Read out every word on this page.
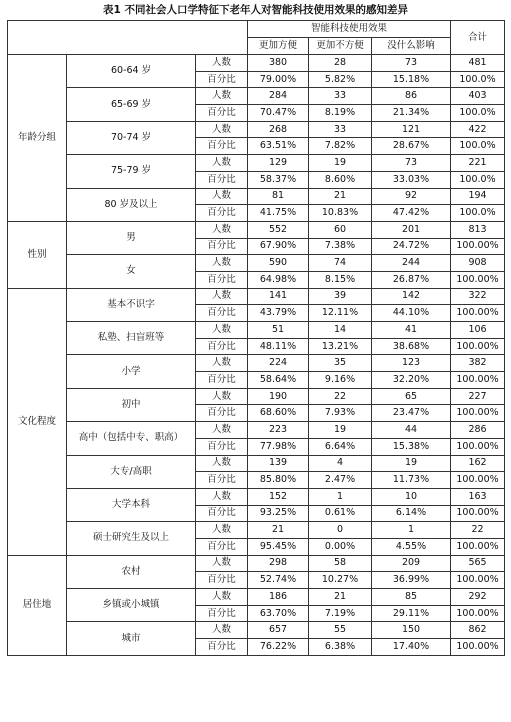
表1 不同社会人口学特征下老年人对智能科技使用效果的感知差异
			智能科技使用效果			合计
			更加方便	更加不方便	没什么影响	
年龄分组	60-64 岁	人数	380	28	73	481
		百分比	79.00%	5.82%	15.18%	100.0%
	65-69 岁	人数	284	33	86	403
		百分比	70.47%	8.19%	21.34%	100.0%
	70-74 岁	人数	268	33	121	422
		百分比	63.51%	7.82%	28.67%	100.0%
	75-79 岁	人数	129	19	73	221
		百分比	58.37%	8.60%	33.03%	100.0%
	80 岁及以上	人数	81	21	92	194
		百分比	41.75%	10.83%	47.42%	100.0%
性别	男	人数	552	60	201	813
		百分比	67.90%	7.38%	24.72%	100.00%
	女	人数	590	74	244	908
		百分比	64.98%	8.15%	26.87%	100.00%
文化程度	基本不识字	人数	141	39	142	322
		百分比	43.79%	12.11%	44.10%	100.00%
	私塾、扫盲班等	人数	51	14	41	106
		百分比	48.11%	13.21%	38.68%	100.00%
	小学	人数	224	35	123	382
		百分比	58.64%	9.16%	32.20%	100.00%
	初中	人数	190	22	65	227
		百分比	68.60%	7.93%	23.47%	100.00%
	高中（包括中专、职高）	人数	223	19	44	286
		百分比	77.98%	6.64%	15.38%	100.00%
	大专/高职	人数	139	4	19	162
		百分比	85.80%	2.47%	11.73%	100.00%
	大学本科	人数	152	1	10	163
		百分比	93.25%	0.61%	6.14%	100.00%
	硕士研究生及以上	人数	21	0	1	22
		百分比	95.45%	0.00%	4.55%	100.00%
居住地	农村	人数	298	58	209	565
		百分比	52.74%	10.27%	36.99%	100.00%
	乡镇或小城镇	人数	186	21	85	292
		百分比	63.70%	7.19%	29.11%	100.00%
	城市	人数	657	55	150	862
		百分比	76.22%	6.38%	17.40%	100.00%
